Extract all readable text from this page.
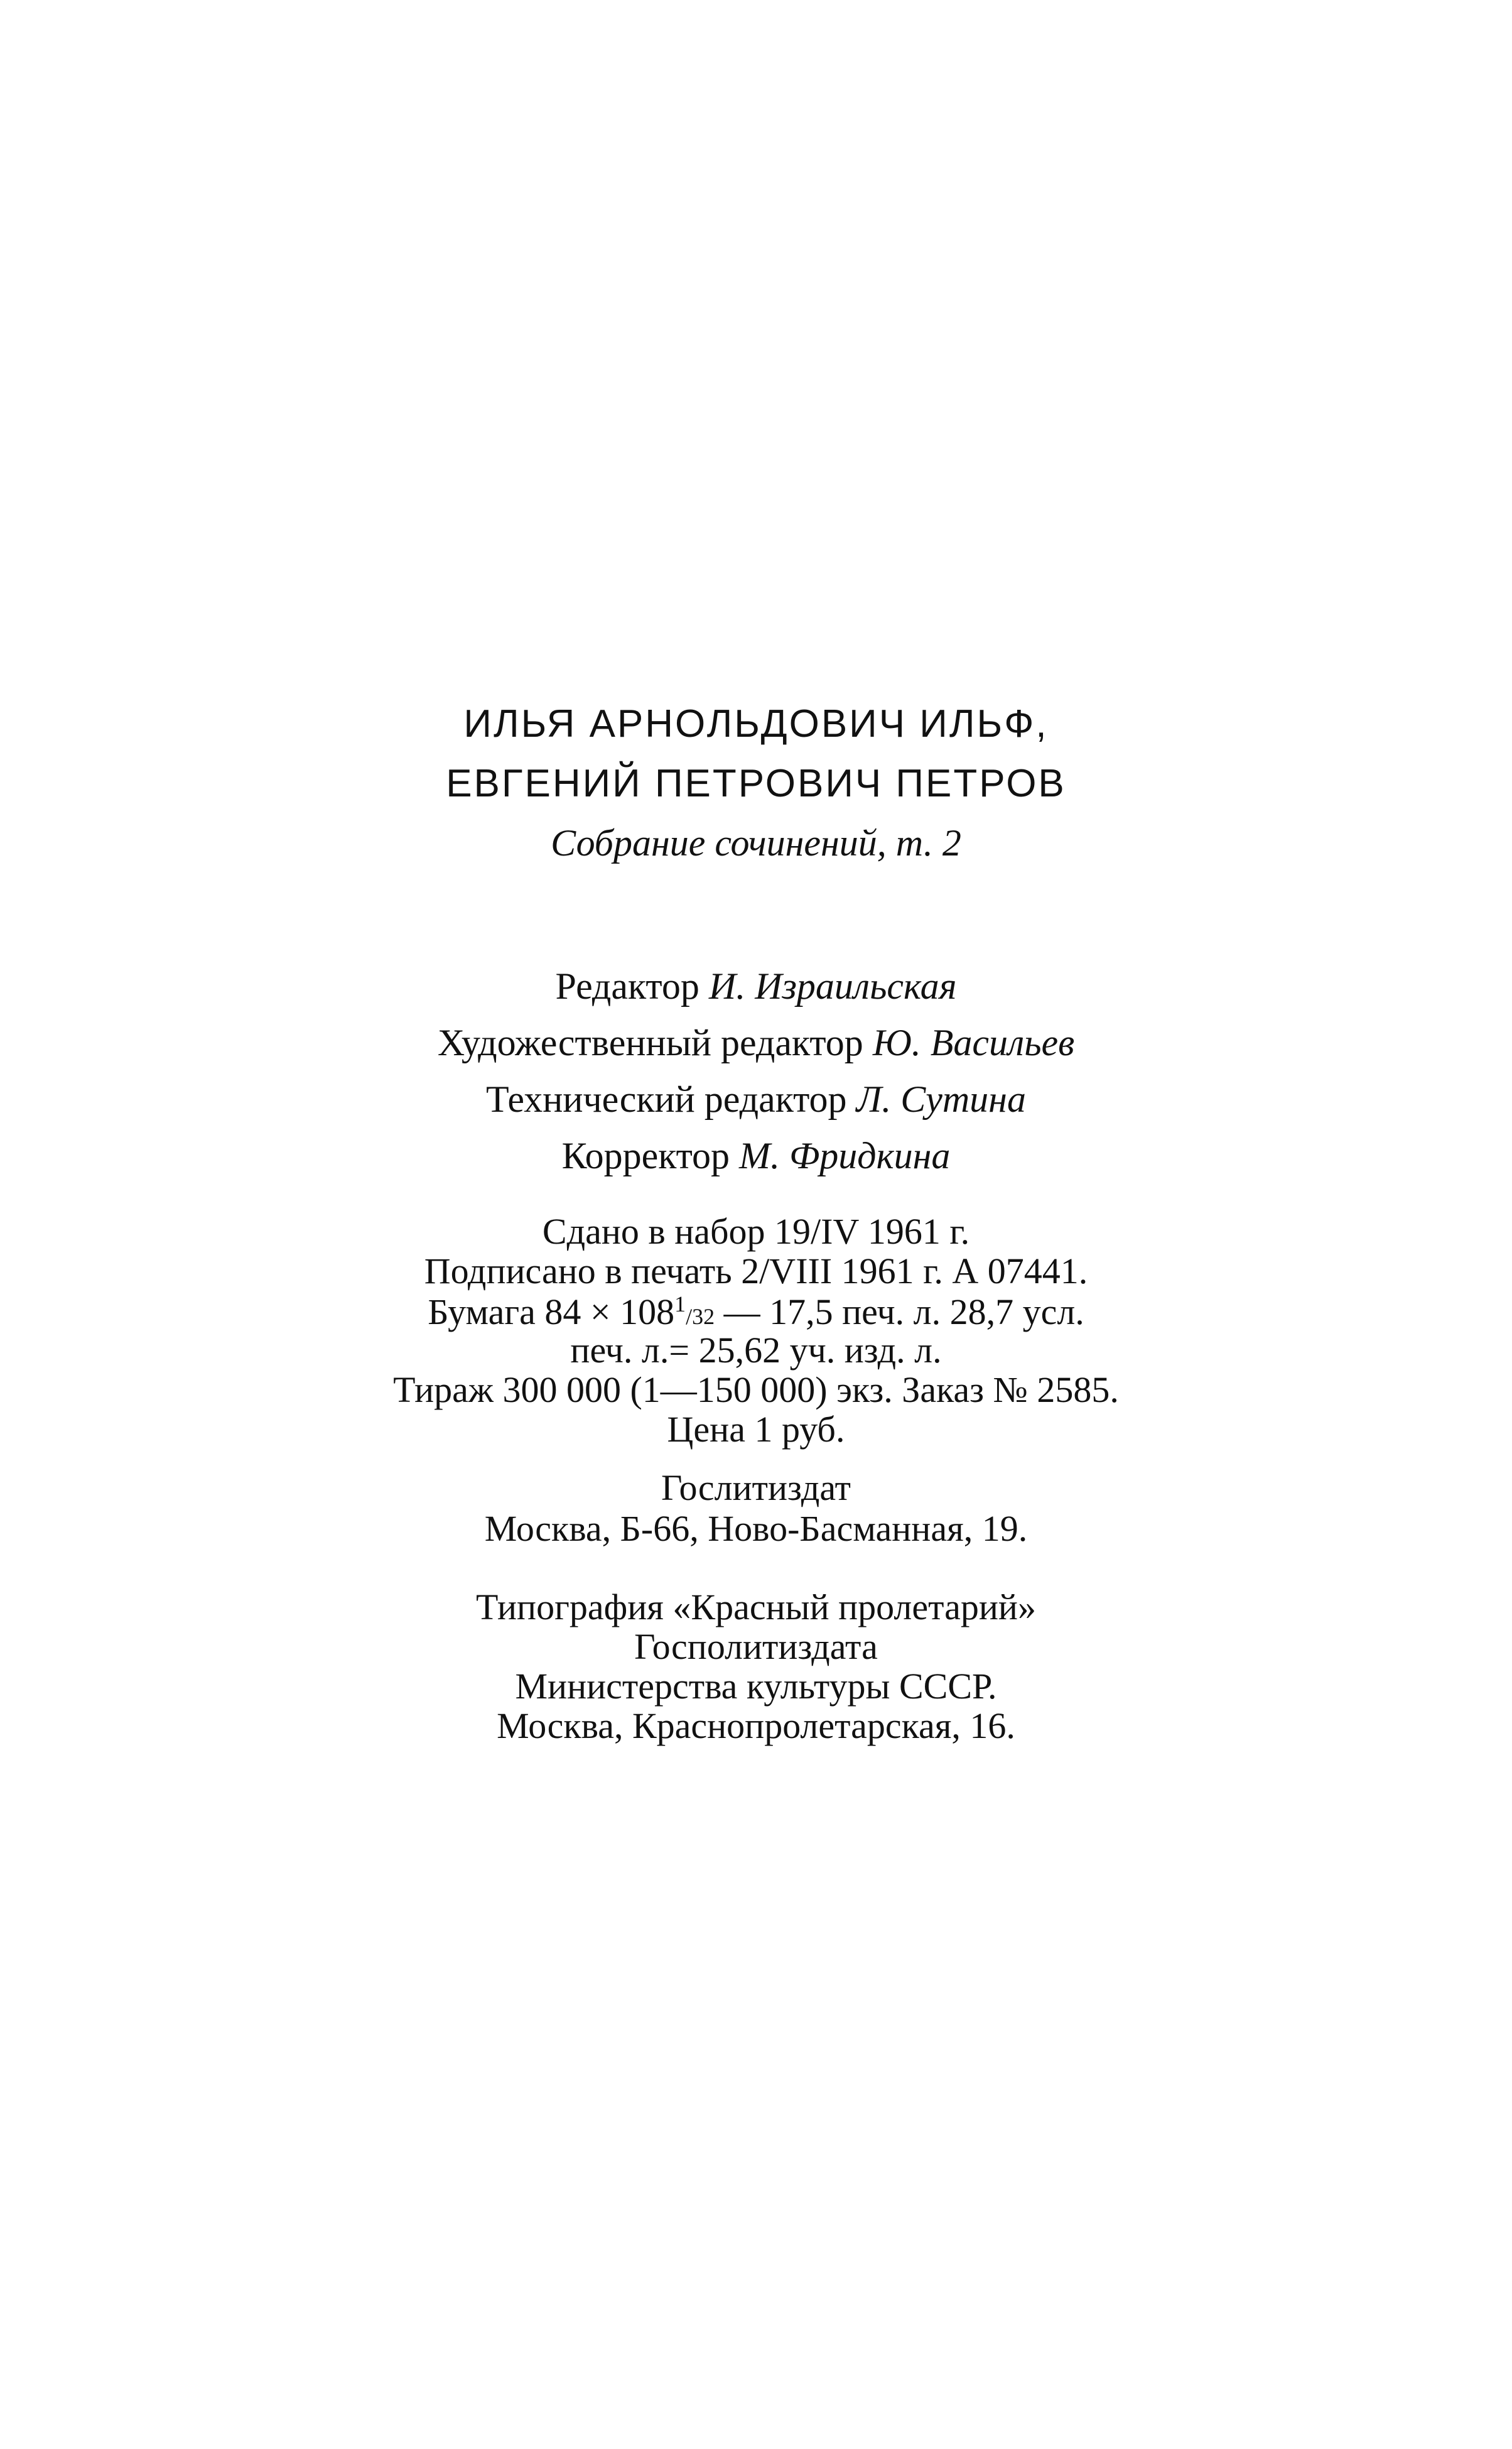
ИЛЬЯ АРНОЛЬДОВИЧ ИЛЬФ,
ЕВГЕНИЙ ПЕТРОВИЧ ПЕТРОВ
Собрание сочинений, т. 2
Редактор И. Израильская
Художественный редактор Ю. Васильев
Технический редактор Л. Сутина
Корректор М. Фридкина
Сдано в набор 19/IV 1961 г.
Подписано в печать 2/VIII 1961 г. А 07441.
Бумага $84 \times 108^1/32$ — 17,5 печ. л. 28,7 усл.
печ. л.= 25,62 уч. изд. л.
Тираж 300 000 (1—150 000) экз. Заказ № 2585.
Цена 1 руб.
Гослитиздат
Москва, Б-66, Ново-Басманная, 19.
Типография «Красный пролетарий»
Госполитиздата
Министерства культуры СССР.
Москва, Краснопролетарская, 16.
